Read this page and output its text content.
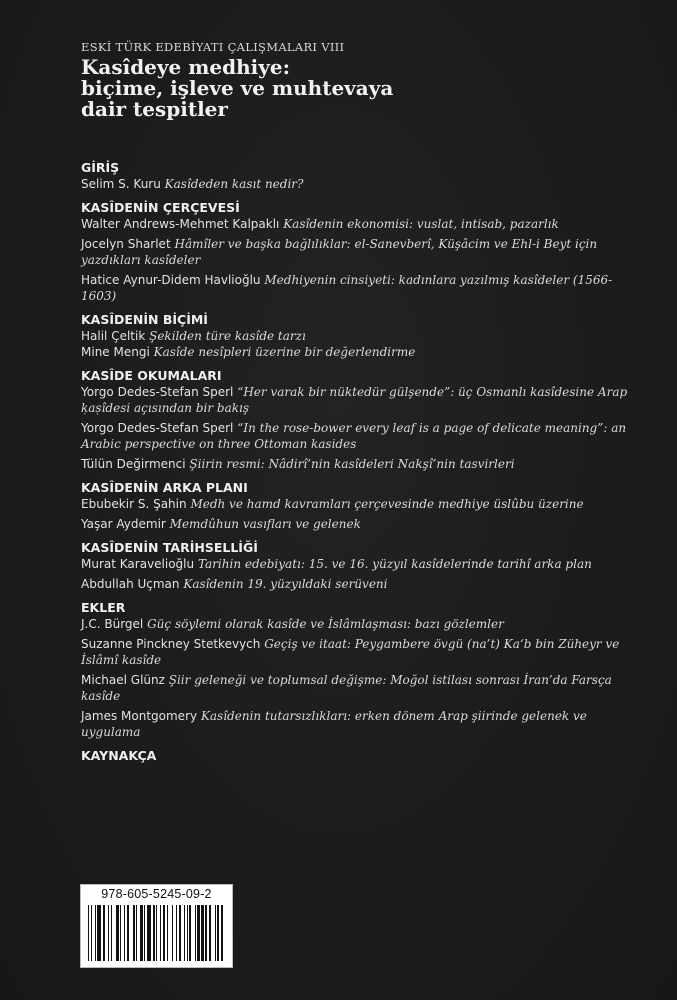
ESKİ TÜRK EDEBİYATI ÇALIŞMALARI VIII
Kasîdeye medhiye:
biçime, işleve ve muhtevaya
dair tespitler
GİRİŞ
Selim S. Kuru Kasîdeden kasıt nedir?
KASÎDENİN ÇERÇEVESİ
Walter Andrews-Mehmet Kalpaklı Kasîdenin ekonomisi: vuslat, intisab, pazarlık
Jocelyn Sharlet Hâmîler ve başka bağlılıklar: el-Sanevberî, Küşâcim ve Ehl-i Beyt için yazdıkları kasîdeler
Hatice Aynur-Didem Havlioğlu Medhiyenin cinsiyeti: kadınlara yazılmış kasîdeler (1566-1603)
KASÎDENİN BİÇİMİ
Halil Çeltik Şekilden türe kasîde tarzı
Mine Mengi Kasîde nesîpleri üzerine bir değerlendirme
KASÎDE OKUMALARI
Yorgo Dedes-Stefan Sperl “Her varak bir nüktedür gülşende”: üç Osmanlı kasîdesine Arap ķaṣîdesi açısından bir bakış
Yorgo Dedes-Stefan Sperl “In the rose-bower every leaf is a page of delicate meaning”: an Arabic perspective on three Ottoman kasides
Tülün Değirmenci Şiirin resmi: Nâdirî’nin kasîdeleri Nakşî’nin tasvirleri
KASÎDENİN ARKA PLANI
Ebubekir S. Şahin Medh ve hamd kavramları çerçevesinde medhiye üslûbu üzerine
Yaşar Aydemir Memdûhun vasıfları ve gelenek
KASÎDENİN TARİHSELLİĞİ
Murat Karavelioğlu Tarihin edebiyatı: 15. ve 16. yüzyıl kasîdelerinde tarihî arka plan
Abdullah Uçman Kasîdenin 19. yüzyıldaki serüveni
EKLER
J.C. Bürgel Güç söylemi olarak kasîde ve İslâmlaşması: bazı gözlemler
Suzanne Pinckney Stetkevych Geçiş ve itaat: Peygambere övgü (na’t) Ka‘b bin Züheyr ve İslâmî kasîde
Michael Glünz Şiir geleneği ve toplumsal değişme: Moğol istilası sonrası İran’da Farsça kasîde
James Montgomery Kasîdenin tutarsızlıkları: erken dönem Arap şiirinde gelenek ve uygulama
KAYNAKÇA
978-605-5245-09-2
